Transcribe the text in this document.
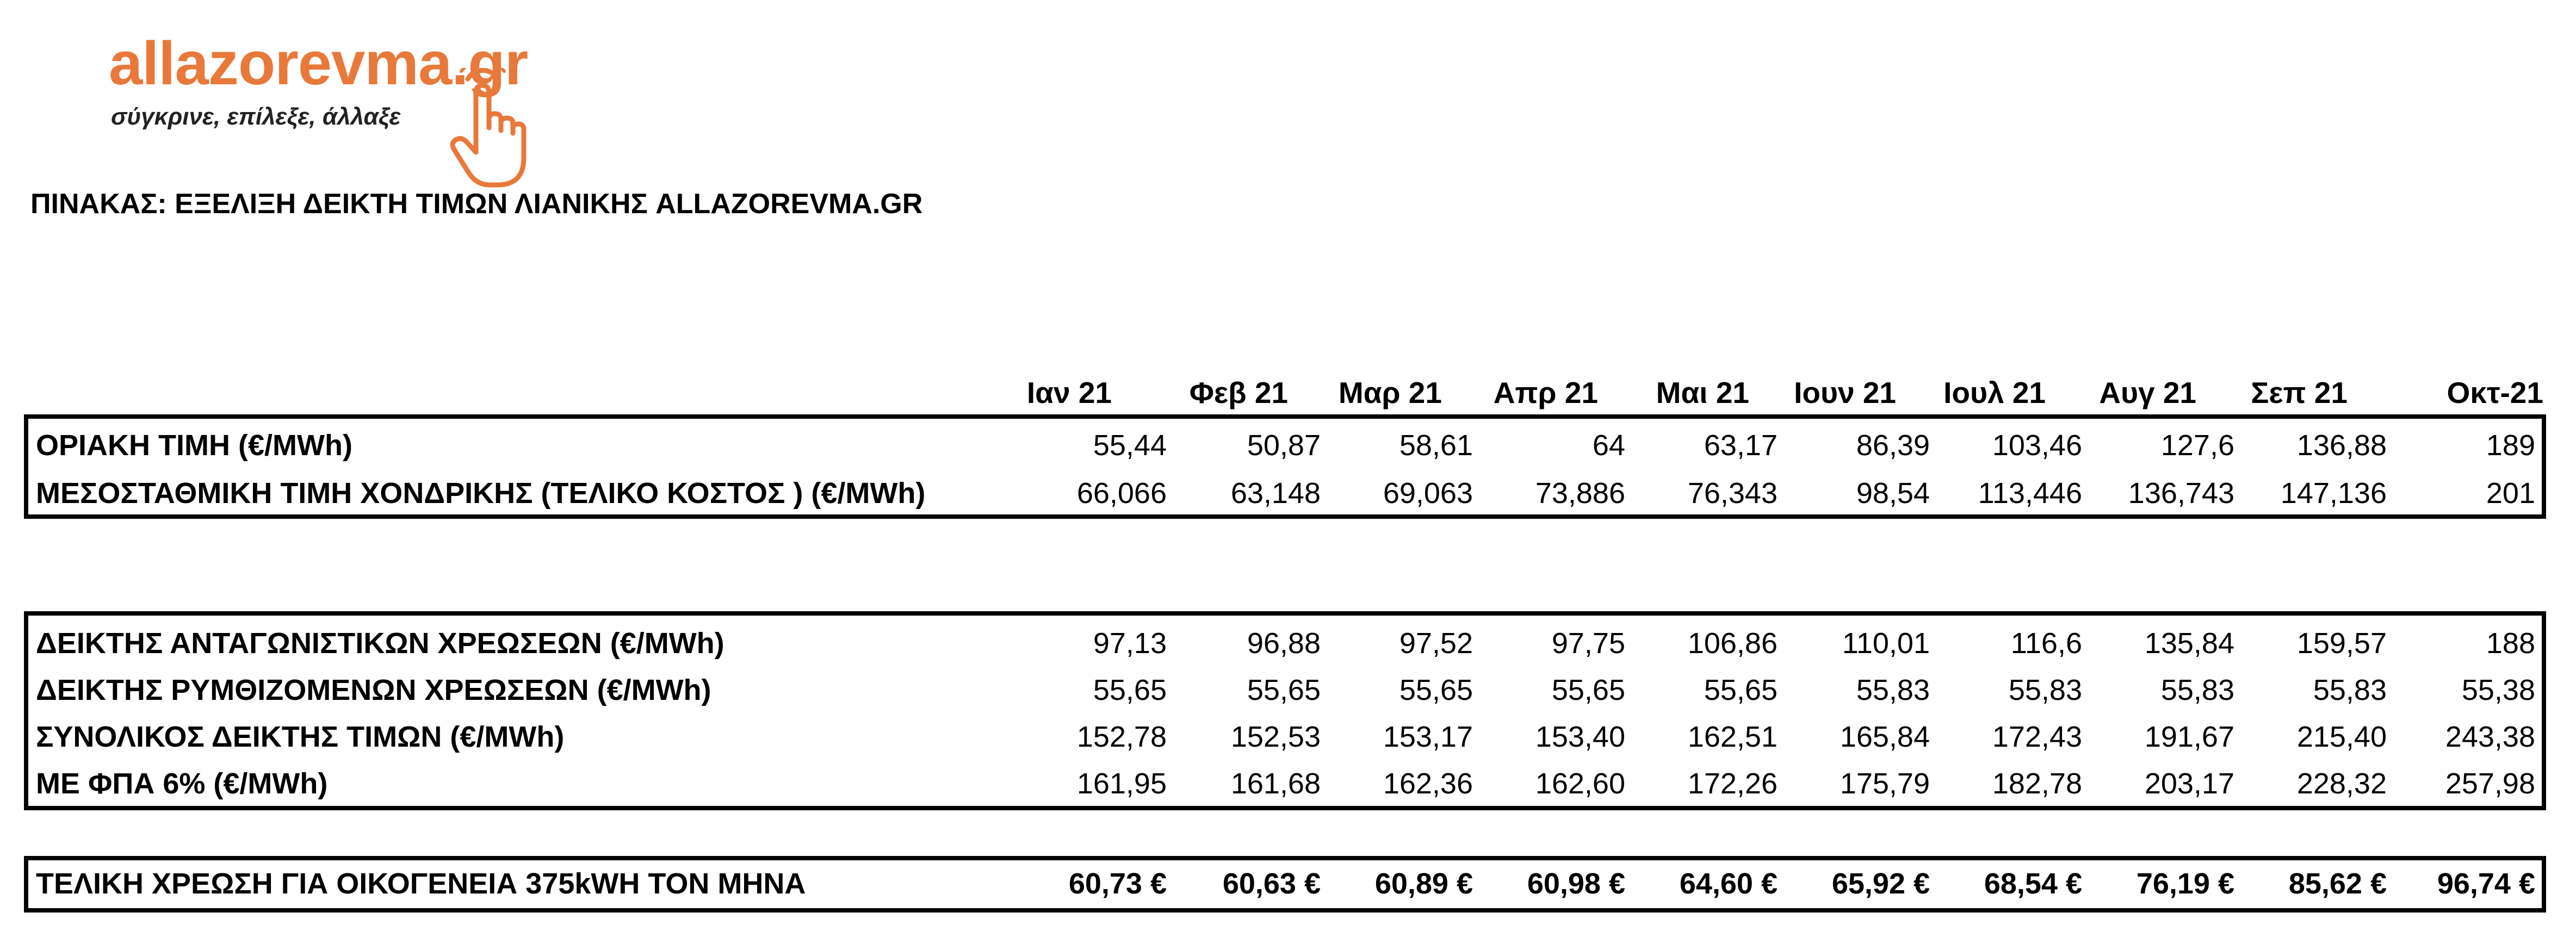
allazorevma.gr
σύγκρινε, επίλεξε, άλλαξε
ΠΙΝΑΚΑΣ: ΕΞΕΛΙΞΗ ΔΕΙΚΤΗ ΤΙΜΩΝ ΛΙΑΝΙΚΗΣ ALLAZOREVMA.GR
Ιαν 21	Φεβ 21 Μαρ 21 Απρ 21 Μαι 21 Ιουν 21 Ιουλ 21 Αυγ 21 Σεπ 21	Οκτ-21
ΟΡΙΑΚΗ ΤΙΜΗ (€/MWh)	55,44	50,87	58,61	64	63,17	86,39 103,46	127,6 136,88	189
ΜΕΣΟΣΤΑΘΜΙΚΗ ΤΙΜΗ ΧΟΝΔΡΙΚΗΣ (ΤΕΛΙΚΟ ΚΟΣΤΟΣ ) (€/MWh)	66,066 63,148 69,063 73,886 76,343	98,54 113,446 136,743 147,136	201
ΔΕΙΚΤΗΣ ΑΝΤΑΓΩΝΙΣΤΙΚΩΝ ΧΡΕΩΣΕΩΝ (€/MWh)	97,13	96,88	97,52	97,75 106,86 110,01	116,6 135,84 159,57	188
ΔΕΙΚΤΗΣ ΡΥΜΘΙΖΟΜΕΝΩΝ ΧΡΕΩΣΕΩΝ (€/MWh)	55,65	55,65	55,65	55,65	55,65	55,83	55,83	55,83	55,83	55,38
ΣΥΝΟΛΙΚΟΣ ΔΕΙΚΤΗΣ ΤΙΜΩΝ (€/MWh)	152,78 152,53 153,17 153,40 162,51 165,84 172,43 191,67 215,40 243,38
ΜΕ ΦΠΑ 6% (€/MWh)	161,95 161,68 162,36 162,60 172,26 175,79 182,78 203,17 228,32 257,98
ΤΕΛΙΚΗ ΧΡΕΩΣΗ ΓΙΑ ΟΙΚΟΓΕΝΕΙΑ 375kWH ΤΟΝ ΜΗΝΑ	60,73 € 60,63 € 60,89 € 60,98 € 64,60 € 65,92 € 68,54 € 76,19 € 85,62 € 96,74 €
